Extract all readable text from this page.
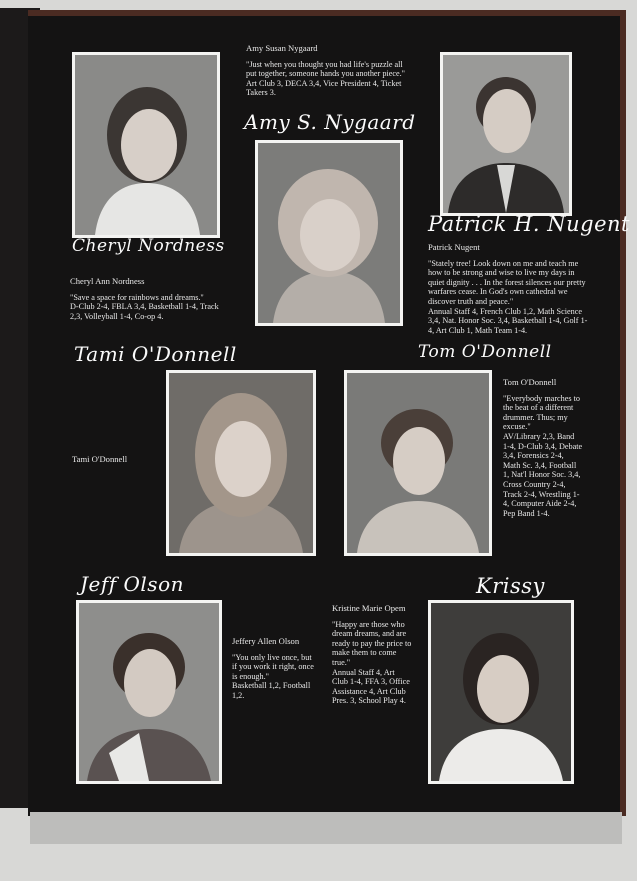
Cheryl Nordness
Cheryl Ann Nordness
"Save a space for rainbows and dreams."
D-Club 2-4, FBLA 3,4, Basketball 1-4, Track 2,3, Volleyball 1-4, Co-op 4.
Amy Susan Nygaard
"Just when you thought you had life's puzzle all put together, someone hands you another piece."
Art Club 3, DECA 3,4, Vice President 4, Ticket Takers 3.
Amy S. Nygaard
Patrick H. Nugent
Patrick Nugent
"Stately tree! Look down on me and teach me how to be strong and wise to live my days in quiet dignity . . . In the forest silences our pretty warfares cease. In God's own cathedral we discover truth and peace."
Annual Staff 4, French Club 1,2, Math Science 3,4, Nat. Honor Soc. 3,4, Basketball 1-4, Golf 1-4, Art Club 1, Math Team 1-4.
Tami O'Donnell
Tami O'Donnell
Tom O'Donnell
Tom O'Donnell
"Everybody marches to the beat of a different drummer. Thus; my excuse."
AV/Library 2,3, Band 1-4, D-Club 3,4, Debate 3,4, Forensics 2-4, Math Sc. 3,4, Football 1, Nat'l Honor Soc. 3,4, Cross Country 2-4, Track 2-4, Wrestling 1-4, Computer Aide 2-4, Pep Band 1-4.
Jeff Olson
Jeffery Allen Olson
"You only live once, but if you work it right, once is enough."
Basketball 1,2, Football 1,2.
Kristine Marie Opem
"Happy are those who dream dreams, and are ready to pay the price to make them to come true."
Annual Staff 4, Art Club 1-4, FFA 3, Office Assistance 4, Art Club Pres. 3, School Play 4.
Krissy
